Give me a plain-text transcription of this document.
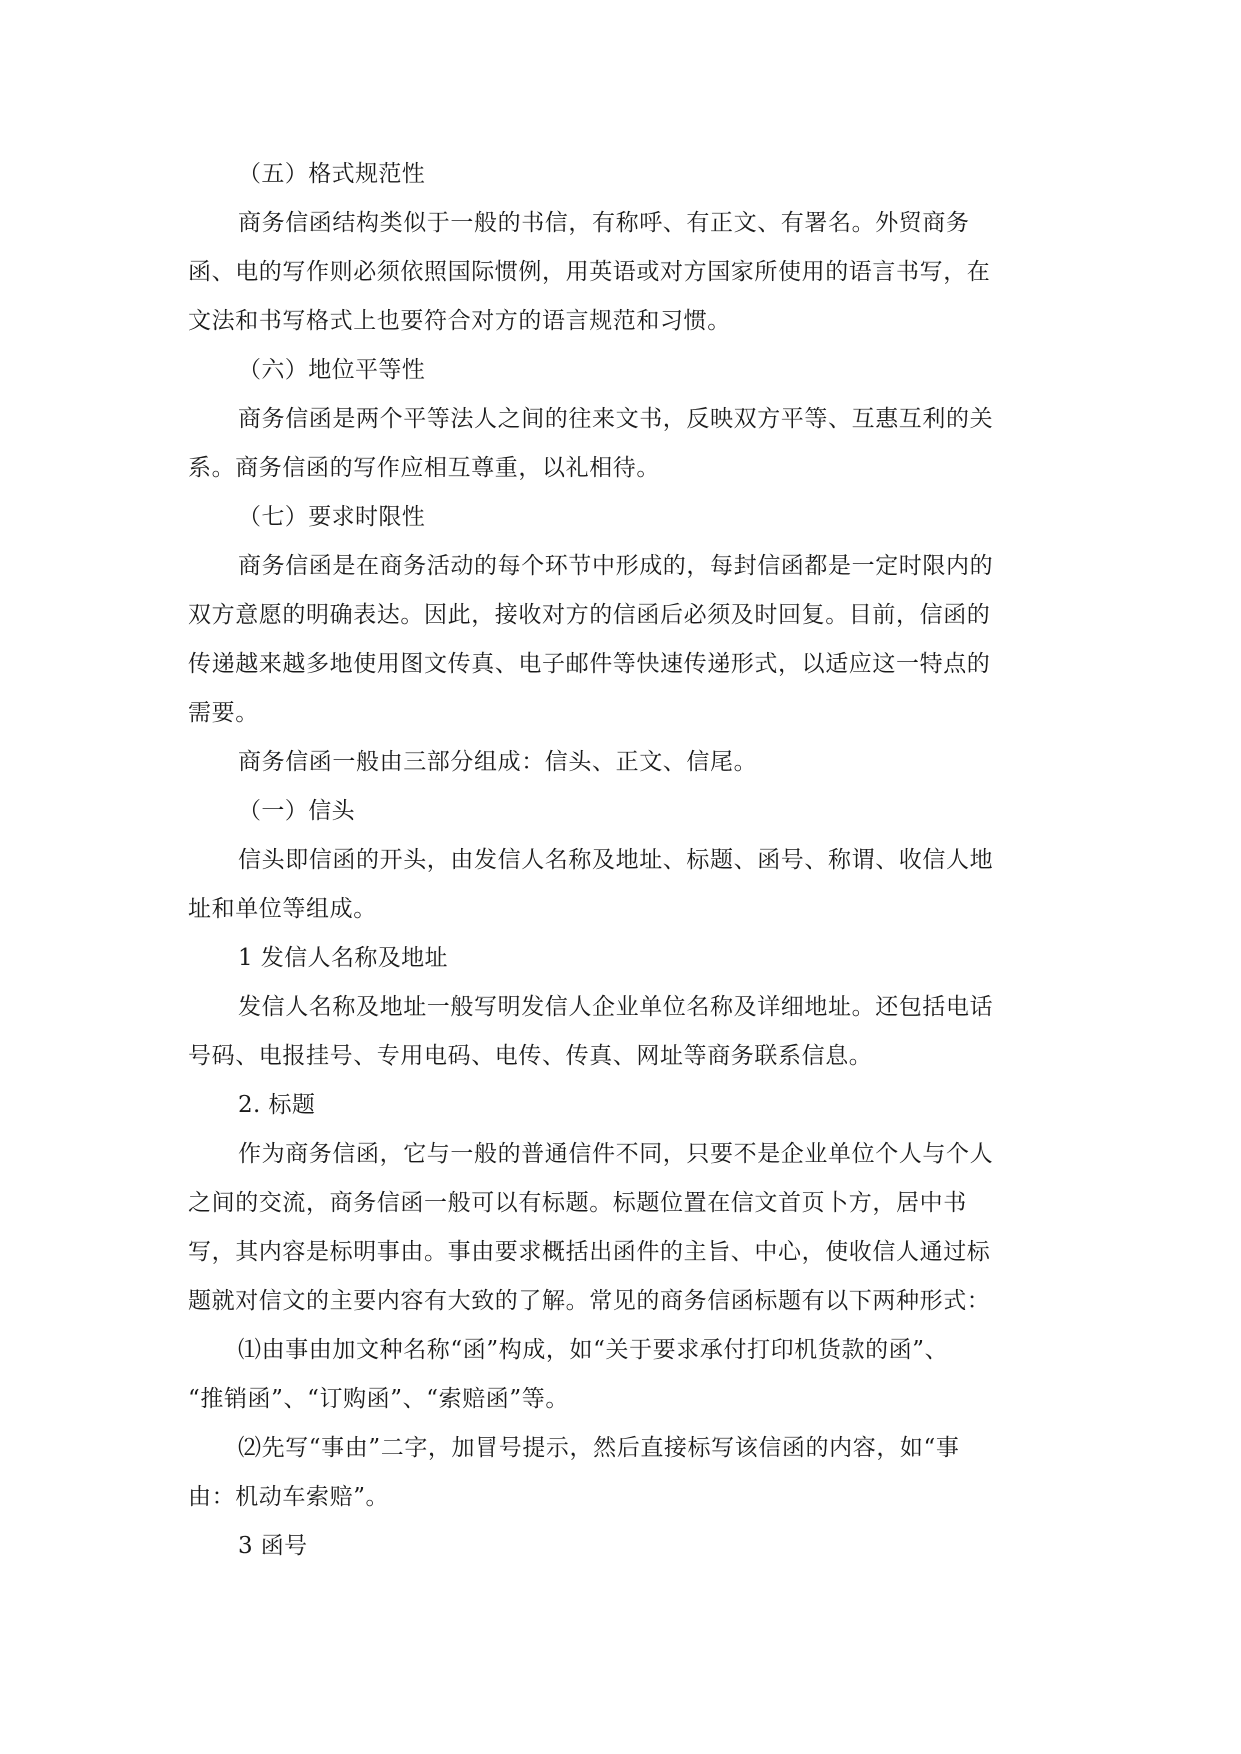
（五）格式规范性

商务信函结构类似于一般的书信，有称呼、有正文、有署名。外贸商务

函、电的写作则必须依照国际惯例，用英语或对方国家所使用的语言书写，在

文法和书写格式上也要符合对方的语言规范和习惯。

（六）地位平等性

商务信函是两个平等法人之间的往来文书，反映双方平等、互惠互利的关

系。商务信函的写作应相互尊重，以礼相待。

（七）要求时限性

商务信函是在商务活动的每个环节中形成的，每封信函都是一定时限内的

双方意愿的明确表达。因此，接收对方的信函后必须及时回复。目前，信函的

传递越来越多地使用图文传真、电子邮件等快速传递形式，以适应这一特点的

需要。

商务信函一般由三部分组成：信头、正文、信尾。

（一）信头

信头即信函的开头，由发信人名称及地址、标题、函号、称谓、收信人地

址和单位等组成。

1 发信人名称及地址

发信人名称及地址一般写明发信人企业单位名称及详细地址。还包括电话

号码、电报挂号、专用电码、电传、传真、网址等商务联系信息。

2. 标题

作为商务信函，它与一般的普通信件不同，只要不是企业单位个人与个人

之间的交流，商务信函一般可以有标题。标题位置在信文首页卜方，居中书

写，其内容是标明事由。事由要求概括出函件的主旨、中心，使收信人通过标

题就对信文的主要内容有大致的了解。常见的商务信函标题有以下两种形式：

⑴由事由加文种名称“函”构成，如“关于要求承付打印机货款的函”、

“推销函”、“订购函”、“索赔函”等。

⑵先写“事由”二字，加冒号提示，然后直接标写该信函的内容，如“事

由：机动车索赔”。

3 函号
